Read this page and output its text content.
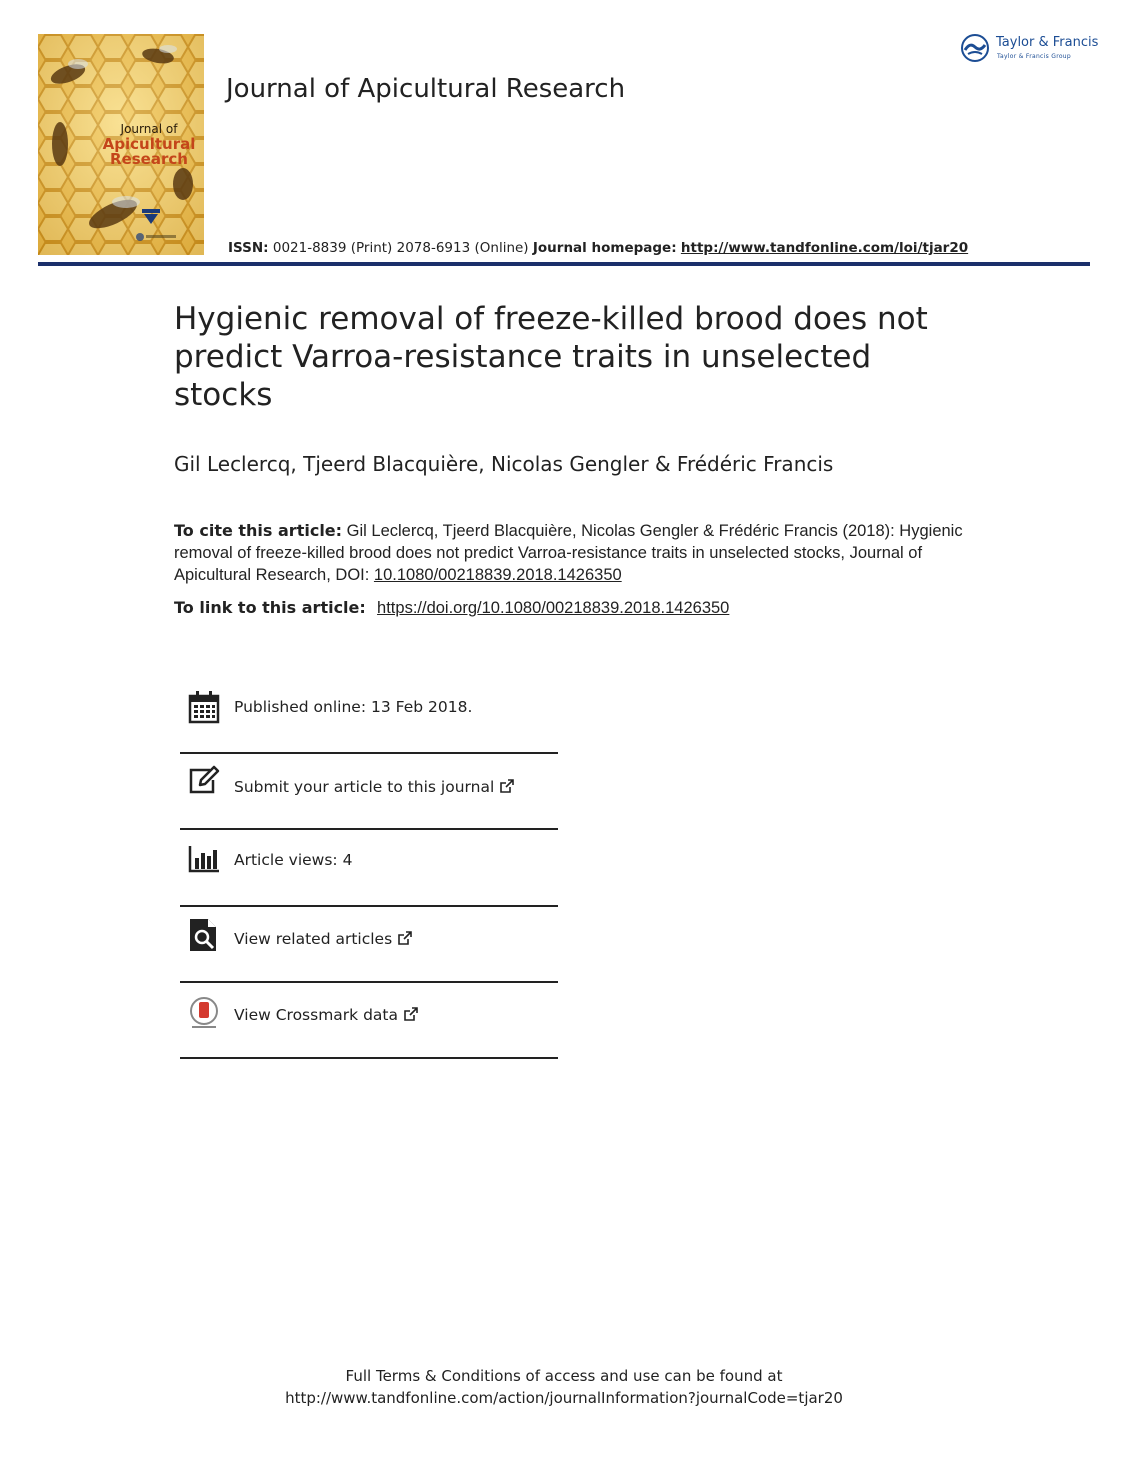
Journal of
Apicultural
Research
Journal of Apicultural Research
Taylor & Francis
Taylor & Francis Group
ISSN: 0021-8839 (Print) 2078-6913 (Online) Journal homepage: http://www.tandfonline.com/loi/tjar20
Hygienic removal of freeze-killed brood does not predict Varroa-resistance traits in unselected stocks
Gil Leclercq, Tjeerd Blacquière, Nicolas Gengler & Frédéric Francis
To cite this article: Gil Leclercq, Tjeerd Blacquière, Nicolas Gengler & Frédéric Francis (2018): Hygienic removal of freeze-killed brood does not predict Varroa-resistance traits in unselected stocks, Journal of Apicultural Research, DOI: 10.1080/00218839.2018.1426350
To link to this article: https://doi.org/10.1080/00218839.2018.1426350
Published online: 13 Feb 2018.
Submit your article to this journal
Article views: 4
View related articles
View Crossmark data
Full Terms & Conditions of access and use can be found at
http://www.tandfonline.com/action/journalInformation?journalCode=tjar20
